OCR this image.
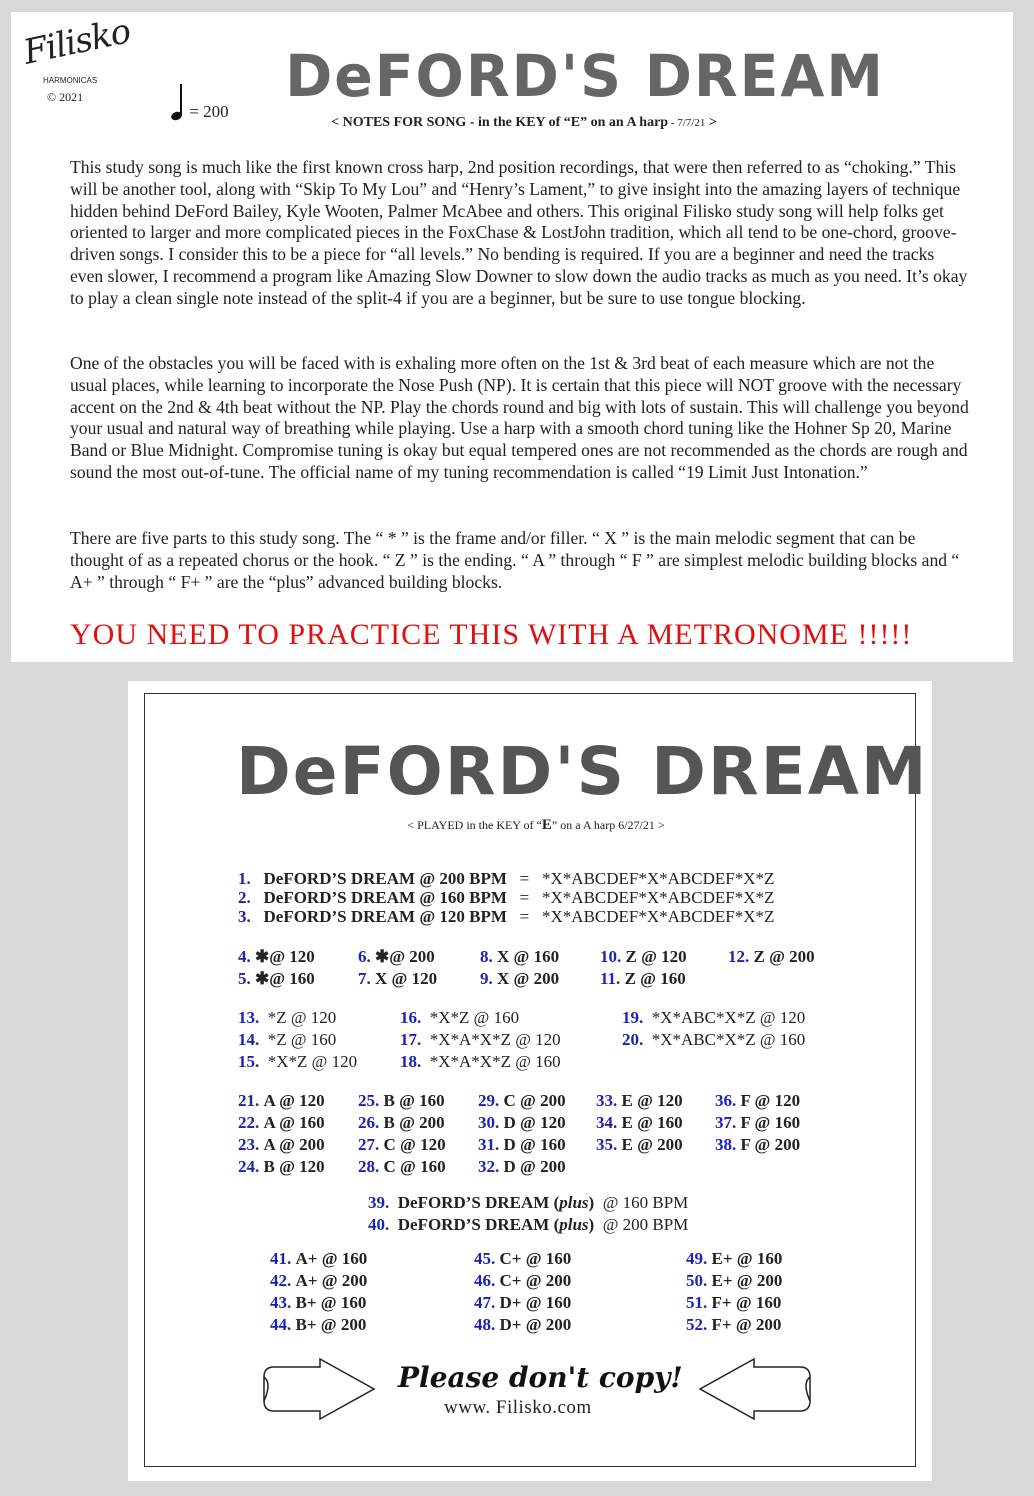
Filisko
HARMONICAS
© 2021
= 200
DeFORD'S DREAM
< NOTES FOR SONG - in the KEY of “E” on an A harp - 7/7/21 >

This study song is much like the first known cross harp, 2nd position recordings, that were then referred to as “choking.” This will be another tool, along with “Skip To My Lou” and “Henry’s Lament,” to give insight into the amazing layers of technique hidden behind DeFord Bailey, Kyle Wooten, Palmer McAbee and others. This original Filisko study song will help folks get oriented to larger and more complicated pieces in the FoxChase & LostJohn tradition, which all tend to be one-chord, groove-driven songs. I consider this to be a piece for “all levels.” No bending is required. If you are a beginner and need the tracks even slower, I recommend a program like Amazing Slow Downer to slow down the audio tracks as much as you need. It’s okay to play a clean single note instead of the split-4 if you are a beginner, but be sure to use tongue blocking.

One of the obstacles you will be faced with is exhaling more often on the 1st & 3rd beat of each measure which are not the usual places, while learning to incorporate the Nose Push (NP). It is certain that this piece will NOT groove with the necessary accent on the 2nd & 4th beat without the NP. Play the chords round and big with lots of sustain. This will challenge you beyond your usual and natural way of breathing while playing. Use a harp with a smooth chord tuning like the Hohner Sp 20, Marine Band or Blue Midnight. Compromise tuning is okay but equal tempered ones are not recommended as the chords are rough and sound the most out-of-tune. The official name of my tuning recommendation is called “19 Limit Just Intonation.”

There are five parts to this study song. The “ * ” is the frame and/or filler. “ X ” is the main melodic segment that can be thought of as a repeated chorus or the hook. “ Z ” is the ending. “ A ” through “ F ” are simplest melodic building blocks and “ A+ ” through “ F+ ” are the “plus” advanced building blocks.

YOU NEED TO PRACTICE THIS WITH A METRONOME !!!!!
DeFORD'S DREAM
< PLAYED in the KEY of “E” on a A harp 6/27/21 >
1. DeFORD’S DREAM @ 200 BPM = *X*ABCDEF*X*ABCDEF*X*Z
2. DeFORD’S DREAM @ 160 BPM = *X*ABCDEF*X*ABCDEF*X*Z
3. DeFORD’S DREAM @ 120 BPM = *X*ABCDEF*X*ABCDEF*X*Z
4. ✱@ 120
5. ✱@ 160
6. ✱@ 200
7. X @ 120
8. X @ 160
9. X @ 200
10. Z @ 120
11. Z @ 160
12. Z @ 200
13. *Z @ 120
14. *Z @ 160
15. *X*Z @ 120
16. *X*Z @ 160
17. *X*A*X*Z @ 120
18. *X*A*X*Z @ 160
19. *X*ABC*X*Z @ 120
20. *X*ABC*X*Z @ 160
21. A @ 120
22. A @ 160
23. A @ 200
24. B @ 120
25. B @ 160
26. B @ 200
27. C @ 120
28. C @ 160
29. C @ 200
30. D @ 120
31. D @ 160
32. D @ 200
33. E @ 120
34. E @ 160
35. E @ 200
36. F @ 120
37. F @ 160
38. F @ 200
39. DeFORD’S DREAM (plus) @ 160 BPM
40. DeFORD’S DREAM (plus) @ 200 BPM
41. A+ @ 160
42. A+ @ 200
43. B+ @ 160
44. B+ @ 200
45. C+ @ 160
46. C+ @ 200
47. D+ @ 160
48. D+ @ 200
49. E+ @ 160
50. E+ @ 200
51. F+ @ 160
52. F+ @ 200
Please don't copy!
www. Filisko.com
